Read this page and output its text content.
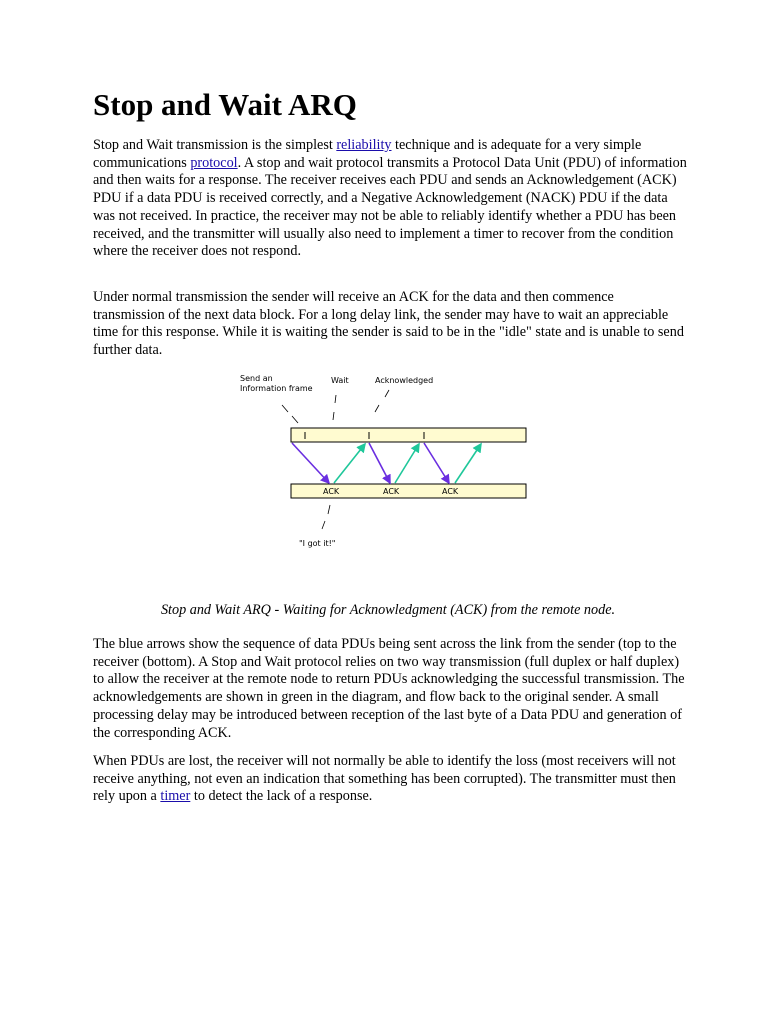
Stop and Wait ARQ

Stop and Wait transmission is the simplest reliability technique and is adequate for a very simple communications protocol. A stop and wait protocol transmits a Protocol Data Unit (PDU) of information and then waits for a response. The receiver receives each PDU and sends an Acknowledgement (ACK) PDU if a data PDU is received correctly, and a Negative Acknowledgement (NACK) PDU if the data was not received. In practice, the receiver may not be able to reliably identify whether a PDU has been received, and the transmitter will usually also need to implement a timer to recover from the condition where the receiver does not respond.

Under normal transmission the sender will receive an ACK for the data and then commence transmission of the next data block. For a long delay link, the sender may have to wait an appreciable time for this response. While it is waiting the sender is said to be in the "idle" state and is unable to send further data.

Stop and Wait ARQ - Waiting for Acknowledgment (ACK) from the remote node.

The blue arrows show the sequence of data PDUs being sent across the link from the sender (top to the receiver (bottom). A Stop and Wait protocol relies on two way transmission (full duplex or half duplex) to allow the receiver at the remote node to return PDUs acknowledging the successful transmission. The acknowledgements are shown in green in the diagram, and flow back to the original sender. A small processing delay may be introduced between reception of the last byte of a Data PDU and generation of the corresponding ACK.

When PDUs are lost, the receiver will not normally be able to identify the loss (most receivers will not receive anything, not even an indication that something has been corrupted). The transmitter must then rely upon a timer to detect the lack of a response.

Send an
Information frame
Wait	Acknowledged
ACK	ACK	ACK
"I got it!"
